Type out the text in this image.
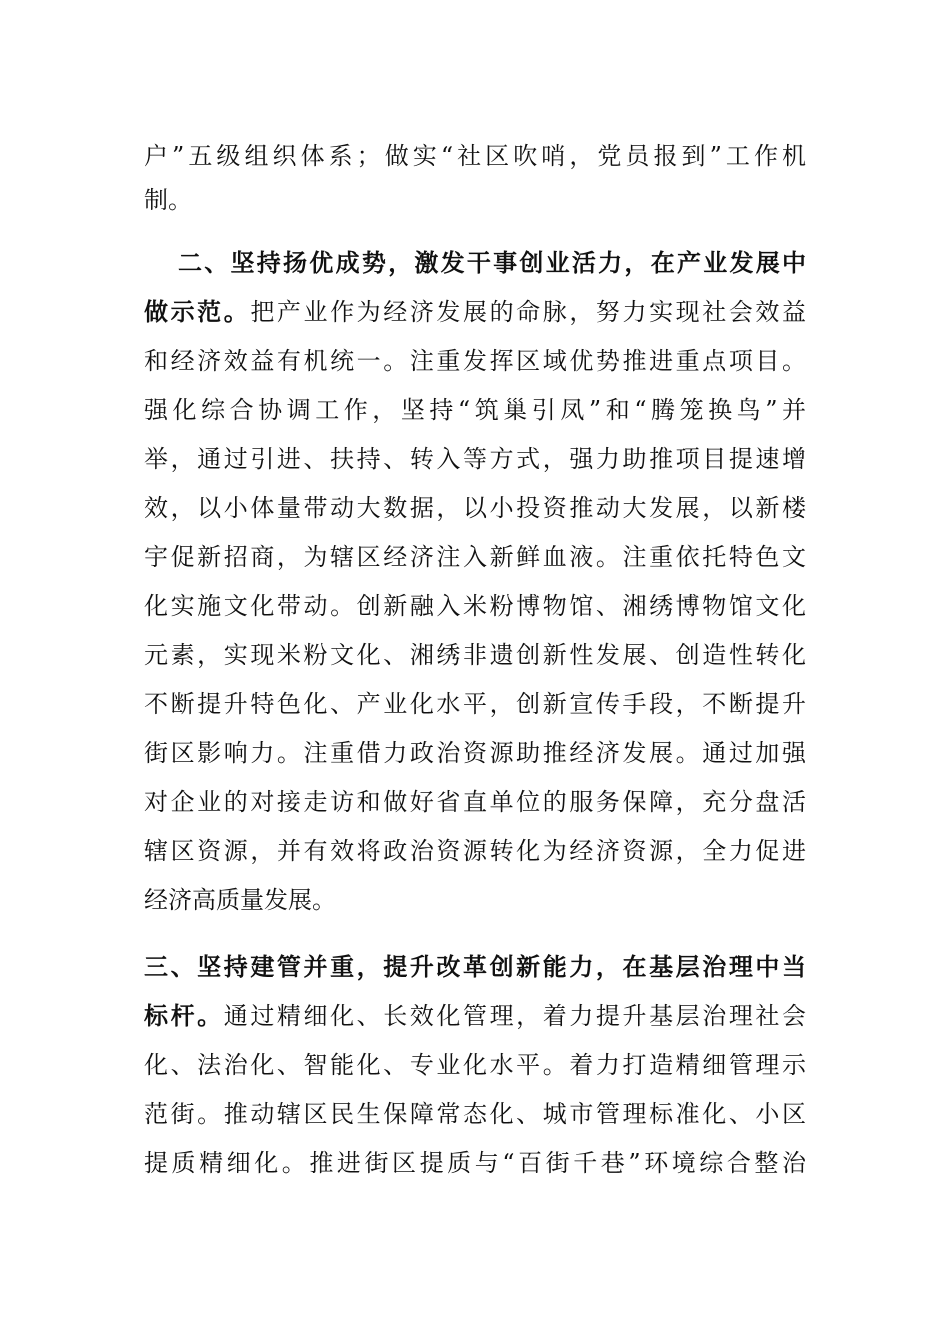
户”五级组织体系；做实“社区吹哨，党员报到”工作机
制。
二、坚持扬优成势，激发干事创业活力，在产业发展中
做示范。把产业作为经济发展的命脉，努力实现社会效益
和经济效益有机统一。注重发挥区域优势推进重点项目。
强化综合协调工作，坚持“筑巢引凤”和“腾笼换鸟”并
举，通过引进、扶持、转入等方式，强力助推项目提速增
效，以小体量带动大数据，以小投资推动大发展，以新楼
宇促新招商，为辖区经济注入新鲜血液。注重依托特色文
化实施文化带动。创新融入米粉博物馆、湘绣博物馆文化
元素，实现米粉文化、湘绣非遗创新性发展、创造性转化
不断提升特色化、产业化水平，创新宣传手段，不断提升
街区影响力。注重借力政治资源助推经济发展。通过加强
对企业的对接走访和做好省直单位的服务保障，充分盘活
辖区资源，并有效将政治资源转化为经济资源，全力促进
经济高质量发展。
三、坚持建管并重，提升改革创新能力，在基层治理中当
标杆。通过精细化、长效化管理，着力提升基层治理社会
化、法治化、智能化、专业化水平。着力打造精细管理示
范街。推动辖区民生保障常态化、城市管理标准化、小区
提质精细化。推进街区提质与“百街千巷”环境综合整治
